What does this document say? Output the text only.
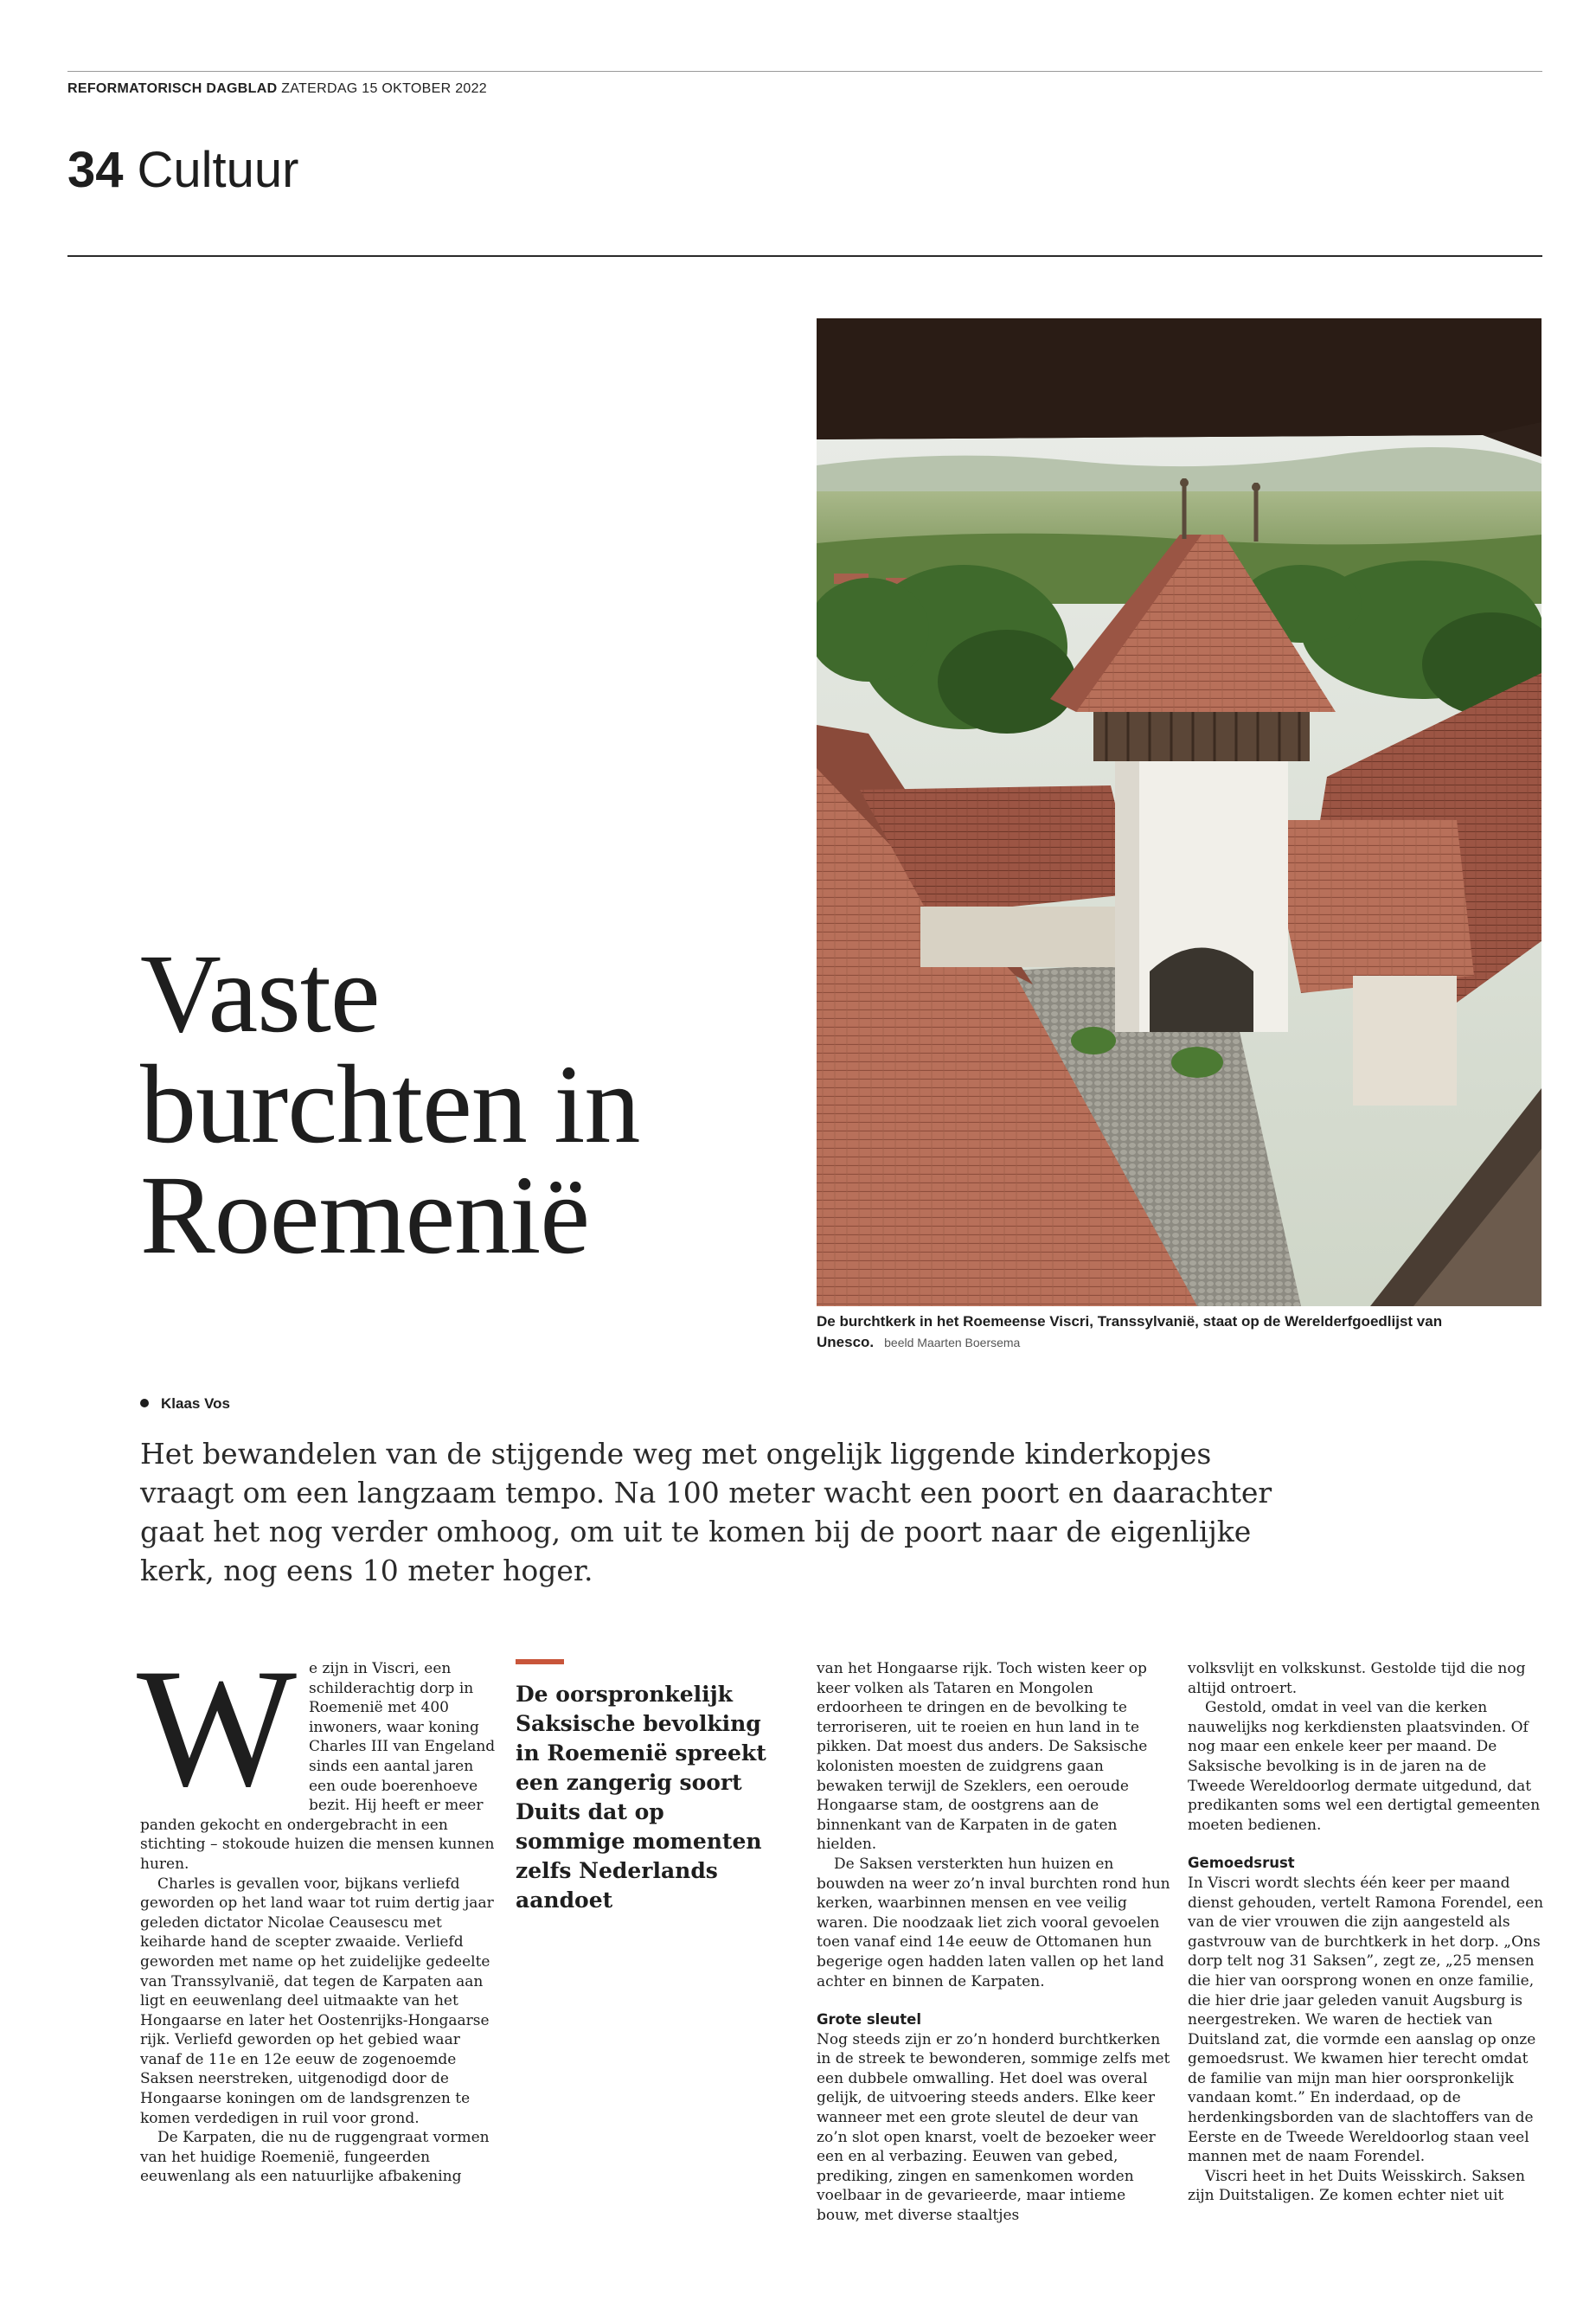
REFORMATORISCH DAGBLAD ZATERDAG 15 OKTOBER 2022
34 Cultuur
De burchtkerk in het Roemeense Viscri, Transsylvanië, staat op de Werelderfgoedlijst van Unesco. beeld Maarten Boersema
Vaste
burchten in
Roemenië
Klaas Vos

Het bewandelen van de stijgende weg met ongelijk liggende kinderkopjes vraagt om een langzaam tempo. Na 100 meter wacht een poort en daarachter gaat het nog verder omhoog, om uit te komen bij de poort naar de eigenlijke kerk, nog eens 10 meter hoger.

We zijn in Viscri, een schilderachtig dorp in Roemenië met 400 inwoners, waar koning Charles III van Engeland sinds een aantal jaren een oude boerenhoeve bezit. Hij heeft er meer panden gekocht en ondergebracht in een stichting – stokoude huizen die mensen kunnen huren.

Charles is gevallen voor, bijkans verliefd geworden op het land waar tot ruim dertig jaar geleden dictator Nicolae Ceausescu met keiharde hand de scepter zwaaide. Verliefd geworden met name op het zuidelijke gedeelte van Transsylvanië, dat tegen de Karpaten aan ligt en eeuwenlang deel uitmaakte van het Hongaarse en later het Oostenrijks-Hongaarse rijk. Verliefd geworden op het gebied waar vanaf de 11e en 12e eeuw de zogenoemde Saksen neerstreken, uitgenodigd door de Hongaarse koningen om de landsgrenzen te komen verdedigen in ruil voor grond.

De Karpaten, die nu de ruggengraat vormen van het huidige Roemenië, fungeerden eeuwenlang als een natuurlijke afbakening

De oorspronkelijk Saksische bevolking in Roemenië spreekt een zangerig soort Duits dat op sommige momenten zelfs Nederlands aandoet

van het Hongaarse rijk. Toch wisten keer op keer volken als Tataren en Mongolen erdoorheen te dringen en de bevolking te terroriseren, uit te roeien en hun land in te pikken. Dat moest dus anders. De Saksische kolonisten moesten de zuidgrens gaan bewaken terwijl de Szeklers, een oeroude Hongaarse stam, de oostgrens aan de binnenkant van de Karpaten in de gaten hielden.

De Saksen versterkten hun huizen en bouwden na weer zo’n inval burchten rond hun kerken, waarbinnen mensen en vee veilig waren. Die noodzaak liet zich vooral gevoelen toen vanaf eind 14e eeuw de Ottomanen hun begerige ogen hadden laten vallen op het land achter en binnen de Karpaten.

Grote sleutel

Nog steeds zijn er zo’n honderd burchtkerken in de streek te bewonderen, sommige zelfs met een dubbele omwalling. Het doel was overal gelijk, de uitvoering steeds anders. Elke keer wanneer met een grote sleutel de deur van zo’n slot open knarst, voelt de bezoeker weer een en al verbazing. Eeuwen van gebed, prediking, zingen en samenkomen worden voelbaar in de gevarieerde, maar intieme bouw, met diverse staaltjes

volksvlijt en volkskunst. Gestolde tijd die nog altijd ontroert.

Gestold, omdat in veel van die kerken nauwelijks nog kerkdiensten plaatsvinden. Of nog maar een enkele keer per maand. De Saksische bevolking is in de jaren na de Tweede Wereldoorlog dermate uitgedund, dat predikanten soms wel een dertigtal gemeenten moeten bedienen.

Gemoedsrust

In Viscri wordt slechts één keer per maand dienst gehouden, vertelt Ramona Forendel, een van de vier vrouwen die zijn aangesteld als gastvrouw van de burchtkerk in het dorp. „Ons dorp telt nog 31 Saksen”, zegt ze, „25 mensen die hier van oorsprong wonen en onze familie, die hier drie jaar geleden vanuit Augsburg is neergestreken. We waren de hectiek van Duitsland zat, die vormde een aanslag op onze gemoedsrust. We kwamen hier terecht omdat de familie van mijn man hier oorspronkelijk vandaan komt.” En inderdaad, op de herdenkingsborden van de slachtoffers van de Eerste en de Tweede Wereldoorlog staan veel mannen met de naam Forendel.

Viscri heet in het Duits Weisskirch. Saksen zijn Duitstaligen. Ze komen echter niet uit
